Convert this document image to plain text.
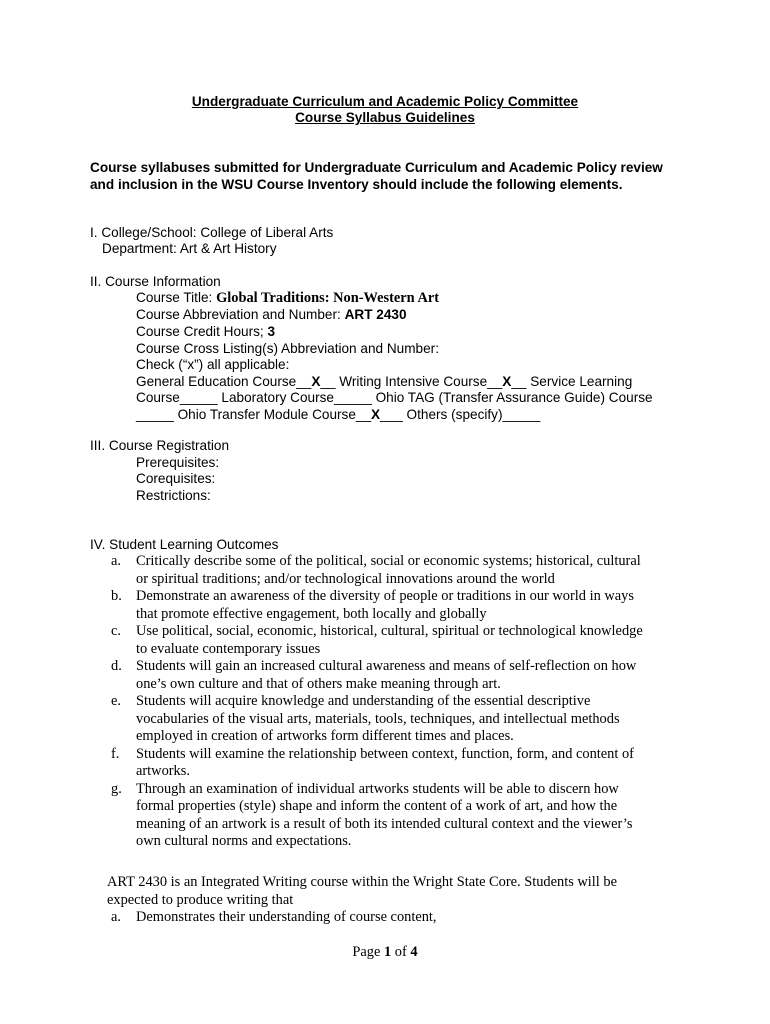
Undergraduate Curriculum and Academic Policy Committee
Course Syllabus Guidelines
Course syllabuses submitted for Undergraduate Curriculum and Academic Policy review
and inclusion in the WSU Course Inventory should include the following elements.
I. College/School: College of Liberal Arts
Department: Art & Art History
II. Course Information
Course Title: Global Traditions: Non-Western Art
Course Abbreviation and Number: ART 2430
Course Credit Hours; 3
Course Cross Listing(s) Abbreviation and Number:
Check (“x”) all applicable:
General Education Course__X__ Writing Intensive Course__X__ Service Learning
Course_____ Laboratory Course_____ Ohio TAG (Transfer Assurance Guide) Course
_____ Ohio Transfer Module Course__X___ Others (specify)_____
III. Course Registration
Prerequisites:
Corequisites:
Restrictions:
IV. Student Learning Outcomes
a. Critically describe some of the political, social or economic systems; historical, cultural
or spiritual traditions; and/or technological innovations around the world
b. Demonstrate an awareness of the diversity of people or traditions in our world in ways
that promote effective engagement, both locally and globally
c. Use political, social, economic, historical, cultural, spiritual or technological knowledge
to evaluate contemporary issues
d. Students will gain an increased cultural awareness and means of self-reflection on how
one’s own culture and that of others make meaning through art.
e. Students will acquire knowledge and understanding of the essential descriptive
vocabularies of the visual arts, materials, tools, techniques, and intellectual methods
employed in creation of artworks form different times and places.
f. Students will examine the relationship between context, function, form, and content of
artworks.
g. Through an examination of individual artworks students will be able to discern how
formal properties (style) shape and inform the content of a work of art, and how the
meaning of an artwork is a result of both its intended cultural context and the viewer’s
own cultural norms and expectations.
ART 2430 is an Integrated Writing course within the Wright State Core. Students will be
expected to produce writing that
a. Demonstrates their understanding of course content,
Page 1 of 4
